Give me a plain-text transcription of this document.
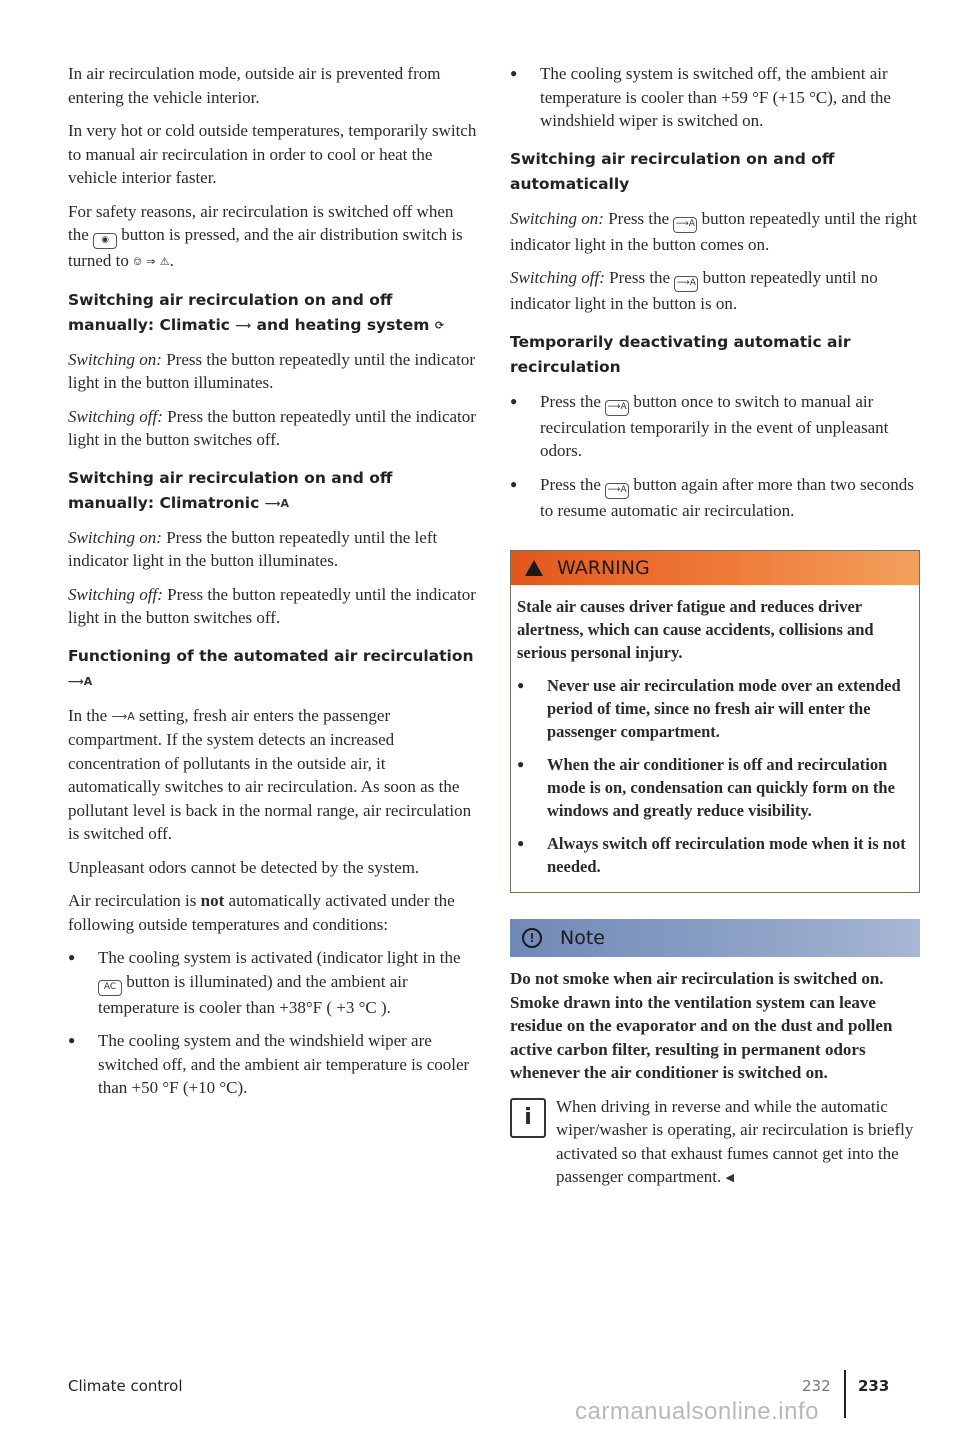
In air recirculation mode, outside air is prevented from entering the vehicle interior.

In very hot or cold outside temperatures, temporarily switch to manual air recirculation in order to cool or heat the vehicle interior faster.

For safety reasons, air recirculation is switched off when the ◉ button is pressed, and the air distribution switch is turned to ⎊ ⇒ ⚠.

Switching air recirculation on and off manually: Climatic ⟶ and heating system ⟳

Switching on: Press the button repeatedly until the indicator light in the button illuminates.

Switching off: Press the button repeatedly until the indicator light in the button switches off.

Switching air recirculation on and off manually: Climatronic ⟶A

Switching on: Press the button repeatedly until the left indicator light in the button illuminates.

Switching off: Press the button repeatedly until the indicator light in the button switches off.

Functioning of the automated air recirculation
⟶A

In the ⟶A setting, fresh air enters the passenger compartment. If the system detects an increased concentration of pollutants in the outside air, it automatically switches to air recirculation. As soon as the pollutant level is back in the normal range, air recirculation is switched off.

Unpleasant odors cannot be detected by the system.

Air recirculation is not automatically activated under the following outside temperatures and conditions:

● The cooling system is activated (indicator light in the AC button is illuminated) and the ambient air temperature is cooler than +38°F ( +3 °C ).

● The cooling system and the windshield wiper are switched off, and the ambient air temperature is cooler than +50 °F (+10 °C).

● The cooling system is switched off, the ambient air temperature is cooler than +59 °F (+15 °C), and the windshield wiper is switched on.

Switching air recirculation on and off automatically

Switching on: Press the ⟶A button repeatedly until the right indicator light in the button comes on.

Switching off: Press the ⟶A button repeatedly until no indicator light in the button is on.

Temporarily deactivating automatic air recirculation

● Press the ⟶A button once to switch to manual air recirculation temporarily in the event of unpleasant odors.

● Press the ⟶A button again after more than two seconds to resume automatic air recirculation.

WARNING

Stale air causes driver fatigue and reduces driver alertness, which can cause accidents, collisions and serious personal injury.

● Never use air recirculation mode over an extended period of time, since no fresh air will enter the passenger compartment.

● When the air conditioner is off and recirculation mode is on, condensation can quickly form on the windows and greatly reduce visibility.

● Always switch off recirculation mode when it is not needed.

!	Note

Do not smoke when air recirculation is switched on. Smoke drawn into the ventilation system can leave residue on the evaporator and on the dust and pollen active carbon filter, resulting in permanent odors whenever the air conditioner is switched on.

i	When driving in reverse and while the automatic wiper/washer is operating, air recirculation is briefly activated so that exhaust fumes cannot get into the passenger compartment. ◀

Climate control	232 233
carmanualsonline.info
